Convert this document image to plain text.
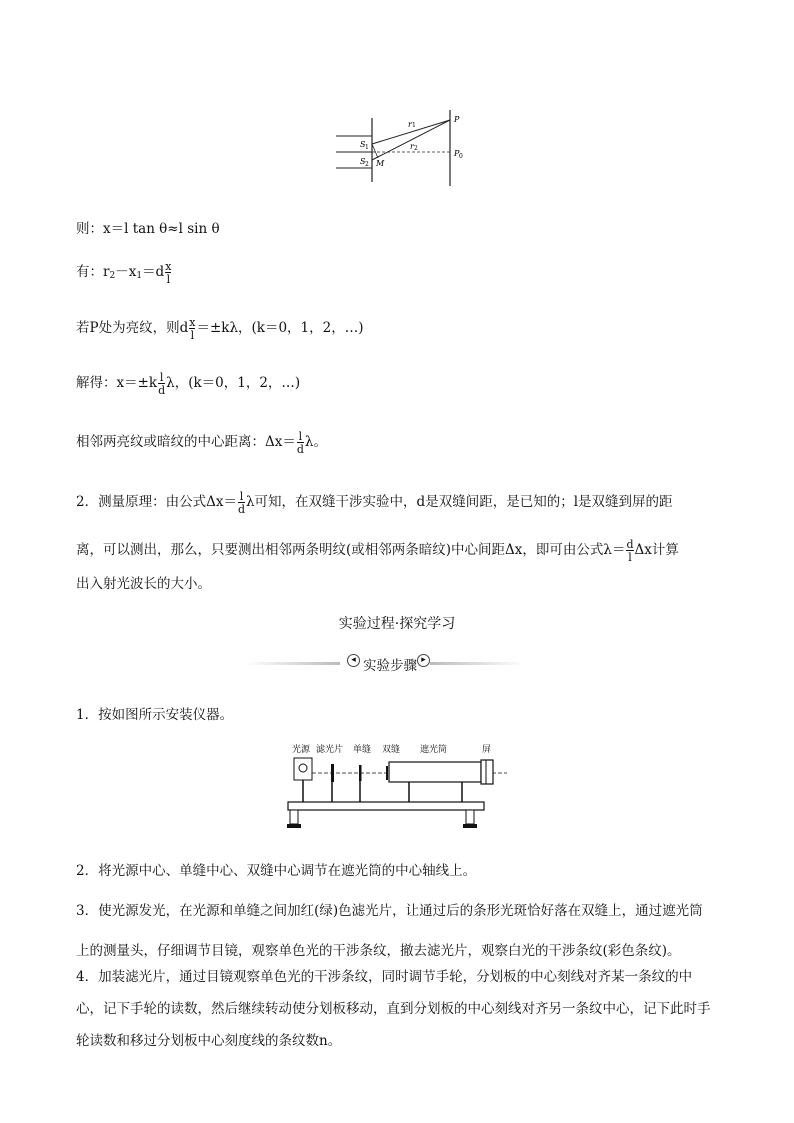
r 1
r 2
P
P 0
S 1
S 2 M
则：x＝l tan θ≈l sin θ
有：$r_2-x_1=d \frac{x}{l}$
若P处为亮纹，则d $\frac{x}{l} =\pm k\lambda$，(k＝0，1，2，…)
解得：$x=\pm k \frac{l}{d}$ λ，(k＝0，1，2，…)
相邻两亮纹或暗纹的中心距离：$\Delta x= \frac{l}{d}$ λ。
2．测量原理：由公式$\Delta x= \frac{l}{d}$ λ可知，在双缝干涉实验中，d是双缝间距，是已知的；l是双缝到屏的距
离，可以测出，那么，只要测出相邻两条明纹(或相邻两条暗纹)中心间距Δx，即可由公式$\lambda= \frac{d}{l}$ Δx计算
出入射光波长的大小。
实验过程·探究学习
◂ 实验步骤 ▸
1．按如图所示安装仪器。
光源 滤光片 单缝 双缝 遮光筒	屏
2．将光源中心、单缝中心、双缝中心调节在遮光筒的中心轴线上。
3．使光源发光，在光源和单缝之间加红(绿)色滤光片，让通过后的条形光斑恰好落在双缝上，通过遮光筒上的测量头，仔细调节目镜，观察单色光的干涉条纹，撤去滤光片，观察白光的干涉条纹(彩色条纹)。
4．加装滤光片，通过目镜观察单色光的干涉条纹，同时调节手轮，分划板的中心刻线对齐某一条纹的中心，记下手轮的读数，然后继续转动使分划板移动，直到分划板的中心刻线对齐另一条纹中心，记下此时手轮读数和移过分划板中心刻度线的条纹数n。
